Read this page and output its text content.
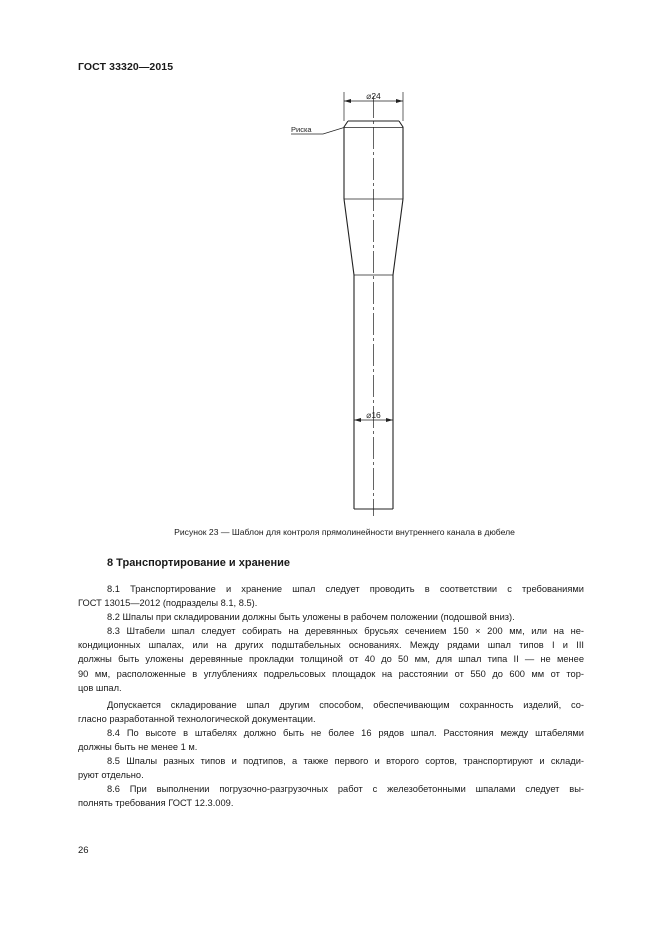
ГОСТ 33320—2015
⌀24
⌀16
Риска
Рисунок 23 — Шаблон для контроля прямолинейности внутреннего канала в дюбеле
8 Транспортирование и хранение

8.1 Транспортирование и хранение шпал следует проводить в соответствии с требованиями

ГОСТ 13015—2012 (подразделы 8.1, 8.5).

8.2 Шпалы при складировании должны быть уложены в рабочем положении (подошвой вниз).

8.3 Штабели шпал следует собирать на деревянных брусьях сечением 150 × 200 мм, или на не-

кондиционных шпалах, или на других подштабельных основаниях. Между рядами шпал типов I и III

должны быть уложены деревянные прокладки толщиной от 40 до 50 мм, для шпал типа II — не менее

90 мм, расположенные в углублениях подрельсовых площадок на расстоянии от 550 до 600 мм от тор-

цов шпал.

Допускается складирование шпал другим способом, обеспечивающим сохранность изделий, со-

гласно разработанной технологической документации.

8.4 По высоте в штабелях должно быть не более 16 рядов шпал. Расстояния между штабелями

должны быть не менее 1 м.

8.5 Шпалы разных типов и подтипов, а также первого и второго сортов, транспортируют и склади-

руют отдельно.

8.6 При выполнении погрузочно-разгрузочных работ с железобетонными шпалами следует вы-

полнять требования ГОСТ 12.3.009.

26
